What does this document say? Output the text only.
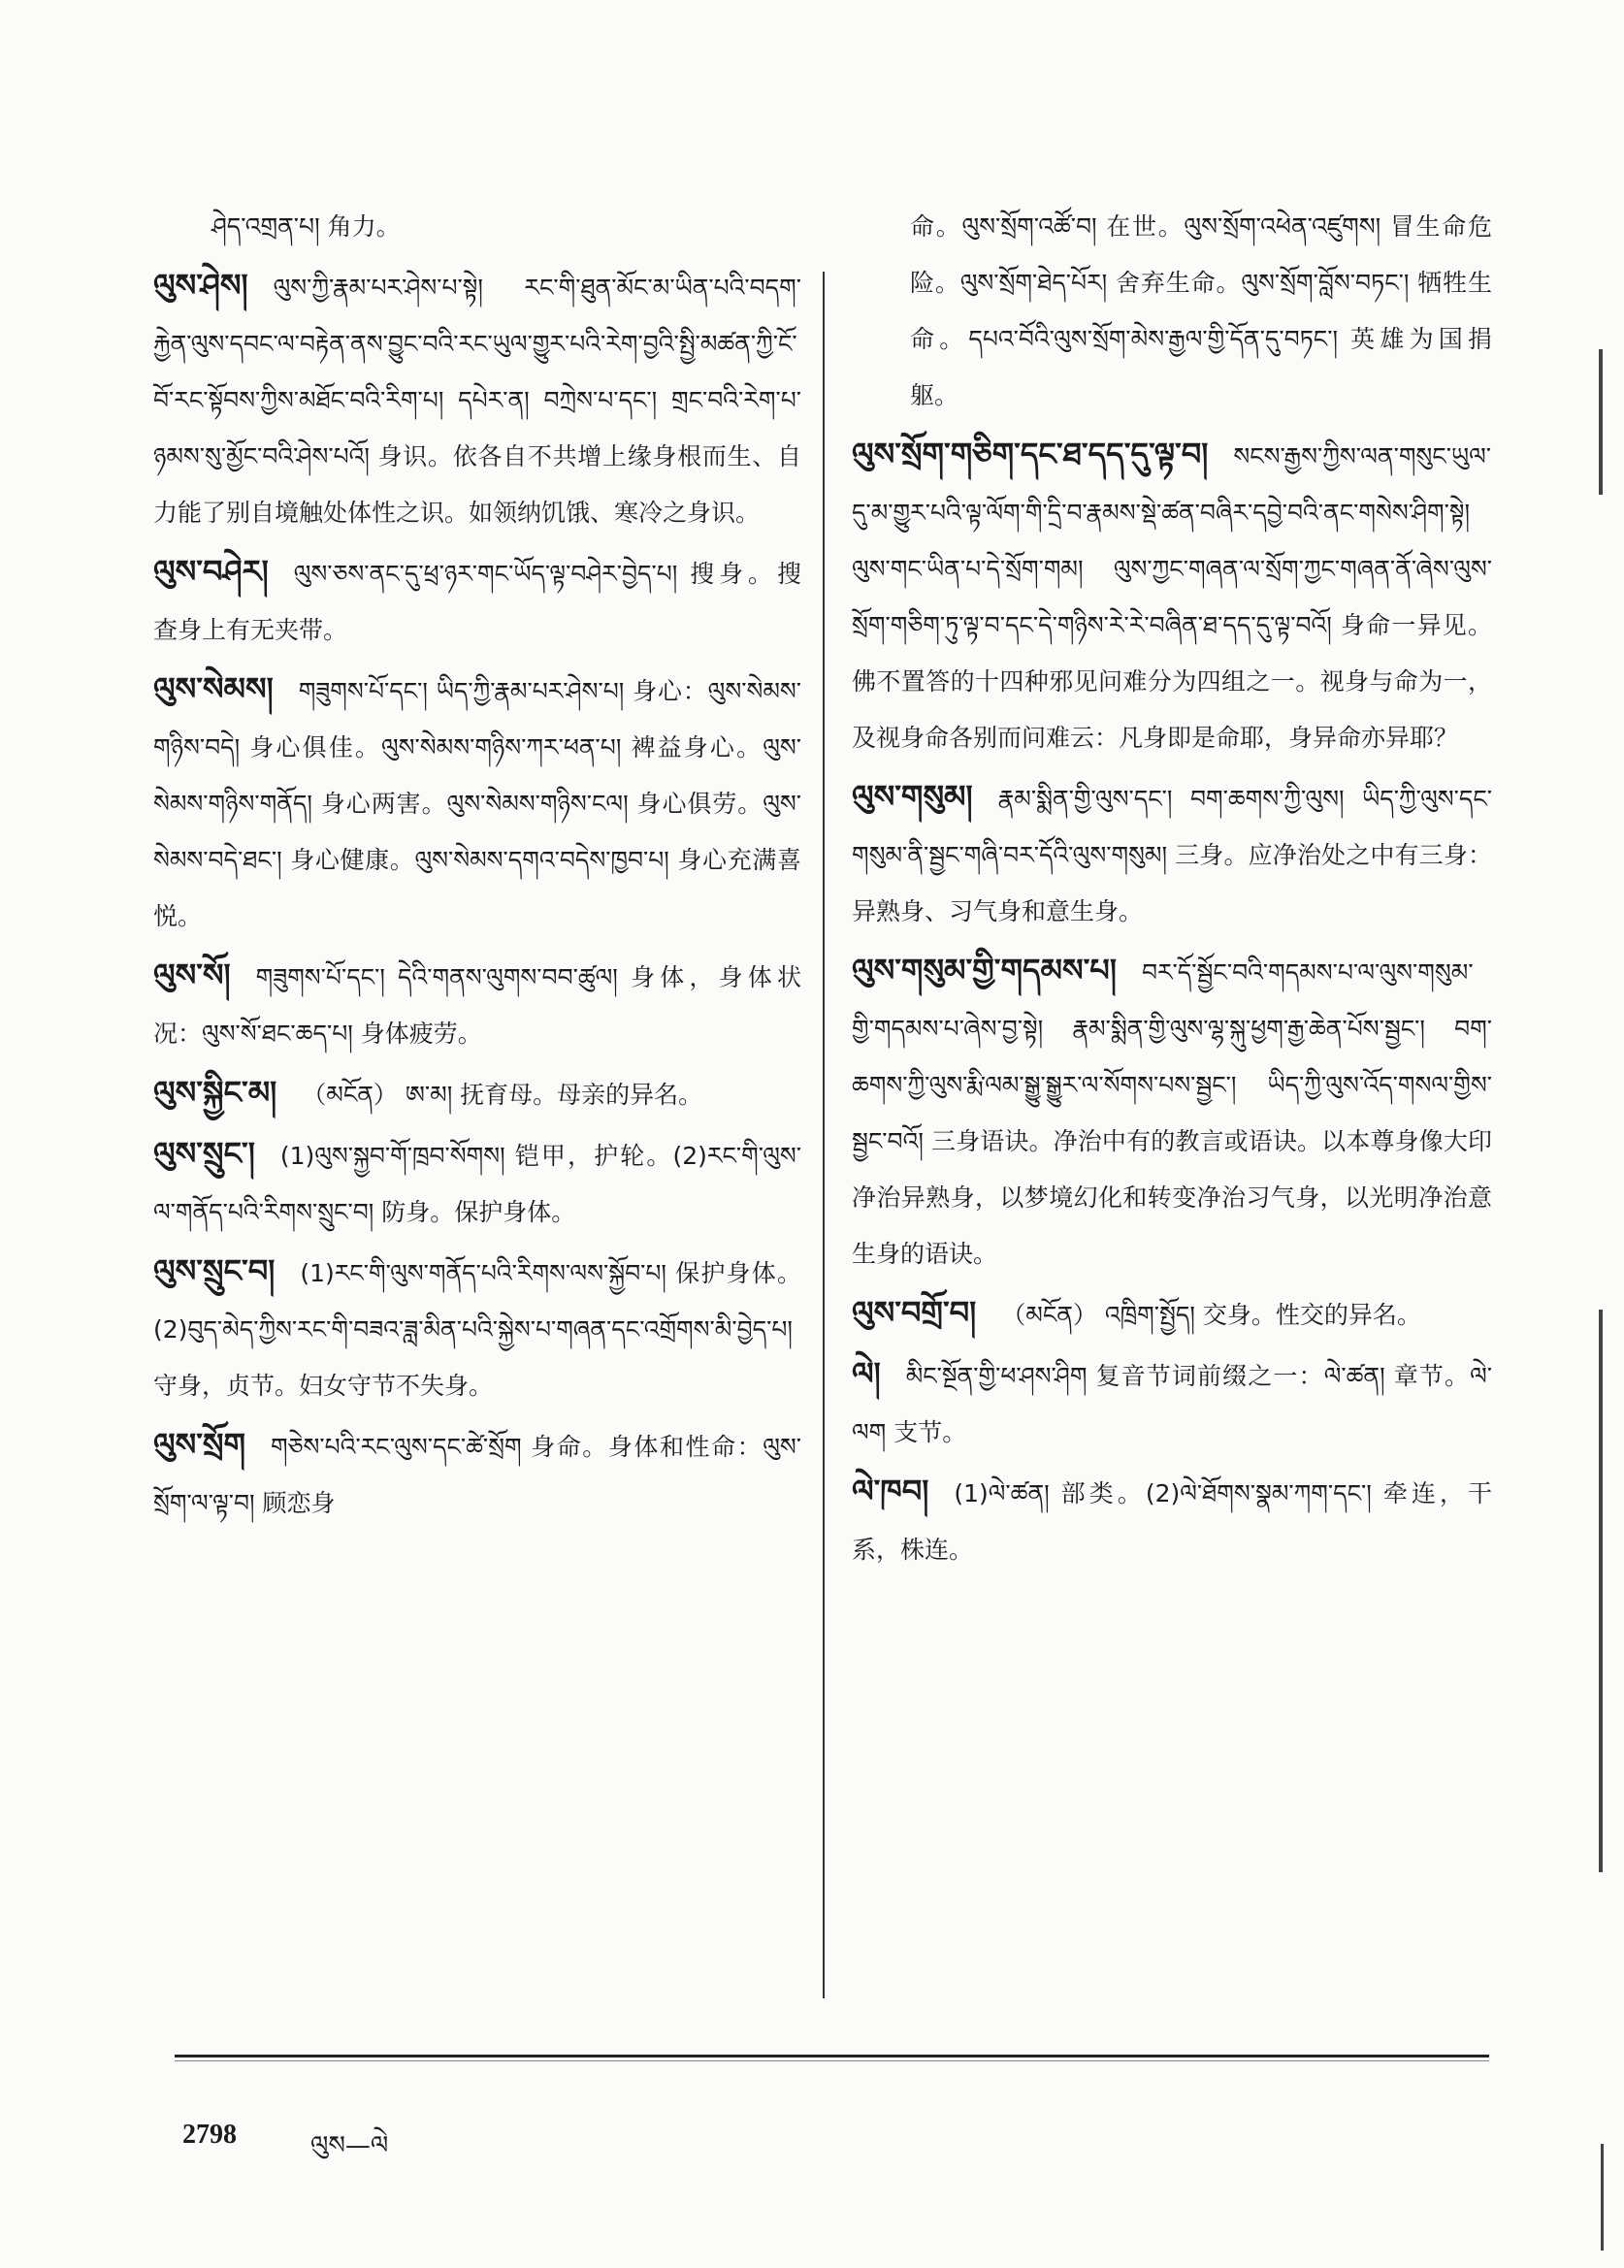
ཤེད་འགྲན་པ། 角力。
ལུས་ཤེས། ལུས་ཀྱི་རྣམ་པར་ཤེས་པ་སྟེ། རང་གི་ཐུན་མོང་མ་ཡིན་པའི་བདག་རྐྱེན་ལུས་དབང་ལ་བརྟེན་ནས་བྱུང་བའི་རང་ཡུལ་གྱུར་པའི་རེག་བྱའི་སྤྱི་མཚན་ཀྱི་ངོ་བོ་རང་སྟོབས་ཀྱིས་མཐོང་བའི་རིག་པ། དཔེར་ན། བཀྲེས་པ་དང་། གྲང་བའི་རེག་པ་ཉམས་སུ་མྱོང་བའི་ཤེས་པའོ། 身识。依各自不共增上缘身根而生、自力能了别自境触处体性之识。如领纳饥饿、寒冷之身识。
ལུས་བཤེར། ལུས་ཅས་ནང་དུ་ཕྲ་ཉར་གང་ཡོད་ལྟ་བཤེར་བྱེད་པ། 搜身。搜查身上有无夹带。
ལུས་སེམས། གཟུགས་པོ་དང་། ཡིད་ཀྱི་རྣམ་པར་ཤེས་པ། 身心：ལུས་སེམས་གཉིས་བདེ། 身心俱佳。ལུས་སེམས་གཉིས་ཀར་ཕན་པ། 裨益身心。ལུས་སེམས་གཉིས་གནོད། 身心两害。ལུས་སེམས་གཉིས་ངལ། 身心俱劳。ལུས་སེམས་བདེ་ཐང་། 身心健康。ལུས་སེམས་དགའ་བདེས་ཁྱབ་པ། 身心充满喜悦。
ལུས་སོ། གཟུགས་པོ་དང་། དེའི་གནས་ལུགས་བབ་ཚུལ། 身体，身体状况：ལུས་སོ་ཐང་ཆད་པ། 身体疲劳。
ལུས་སྐྱིང་མ། （མངོན） ཨ་མ། 抚育母。母亲的异名。
ལུས་སྲུང་། (1)ལུས་སྐྱབ་གོ་ཁྲབ་སོགས། 铠甲，护轮。(2)རང་གི་ལུས་ལ་གནོད་པའི་རིགས་སྲུང་བ། 防身。保护身体。
ལུས་སྲུང་བ། (1)རང་གི་ལུས་གནོད་པའི་རིགས་ལས་སྐྱོབ་པ། 保护身体。(2)བུད་མེད་ཀྱིས་རང་གི་བཟའ་ཟླ་མིན་པའི་སྐྱེས་པ་གཞན་དང་འགྲོགས་མི་བྱེད་པ། 守身，贞节。妇女守节不失身。
ལུས་སྲོག གཅེས་པའི་རང་ལུས་དང་ཚེ་སྲོག 身命。身体和性命：ལུས་སྲོག་ལ་ལྟ་བ། 顾恋身
命。ལུས་སྲོག་འཚོ་བ། 在世。ལུས་སྲོག་འཕེན་འཛུགས། 冒生命危险。ལུས་སྲོག་ཐེད་པོར། 舍弃生命。ལུས་སྲོག་བློས་བཏང་། 牺牲生命。དཔའ་བོའི་ལུས་སྲོག་མེས་རྒྱལ་གྱི་དོན་དུ་བཏང་། 英雄为国捐躯。
ལུས་སྲོག་གཅིག་དང་ཐ་དད་དུ་ལྟ་བ། སངས་རྒྱས་ཀྱིས་ལན་གསུང་ཡུལ་དུ་མ་གྱུར་པའི་ལྟ་ལོག་གི་དྲི་བ་རྣམས་སྡེ་ཚན་བཞིར་དབྱེ་བའི་ནང་གསེས་ཤིག་སྟེ། ལུས་གང་ཡིན་པ་དེ་སྲོག་གམ། ལུས་ཀྱང་གཞན་ལ་སྲོག་ཀྱང་གཞན་ནོ་ཞེས་ལུས་སྲོག་གཅིག་ཏུ་ལྟ་བ་དང་དེ་གཉིས་རེ་རེ་བཞིན་ཐ་དད་དུ་ལྟ་བའོ། 身命一异见。佛不置答的十四种邪见问难分为四组之一。视身与命为一，及视身命各别而问难云：凡身即是命耶，身异命亦异耶？
ལུས་གསུམ། རྣམ་སྨིན་གྱི་ལུས་དང་། བག་ཆགས་ཀྱི་ལུས། ཡིད་ཀྱི་ལུས་དང་གསུམ་ནི་སྦྱང་གཞི་བར་དོའི་ལུས་གསུམ། 三身。应净治处之中有三身：异熟身、习气身和意生身。
ལུས་གསུམ་གྱི་གདམས་པ། བར་དོ་སྦྱོང་བའི་གདམས་པ་ལ་ལུས་གསུམ་གྱི་གདམས་པ་ཞེས་བྱ་སྟེ། རྣམ་སྨིན་གྱི་ལུས་ལྷ་སྐུ་ཕྱག་རྒྱ་ཆེན་པོས་སྦྱང་། བག་ཆགས་ཀྱི་ལུས་རྨི་ལམ་སྒྱུ་སྒྱུར་ལ་སོགས་པས་སྦྱང་། ཡིད་ཀྱི་ལུས་འོད་གསལ་གྱིས་སྦྱང་བའོ། 三身语诀。净治中有的教言或语诀。以本尊身像大印净治异熟身，以梦境幻化和转变净治习气身，以光明净治意生身的语诀。
ལུས་བགྲོ་བ། （མངོན） འཁྲིག་སྤྱོད། 交身。性交的异名。
ལེ། མིང་སྔོན་གྱི་ཕ་ཤས་ཤིག 复音节词前缀之一：ལེ་ཚན། 章节。ལེ་ལག 支节。
ལེ་ཁབ། (1)ལེ་ཚན། 部类。(2)ལེ་ཐོགས་སྣམ་ཀག་དང་། 牵连，干系，株连。
2798	ལུས—ལེ
